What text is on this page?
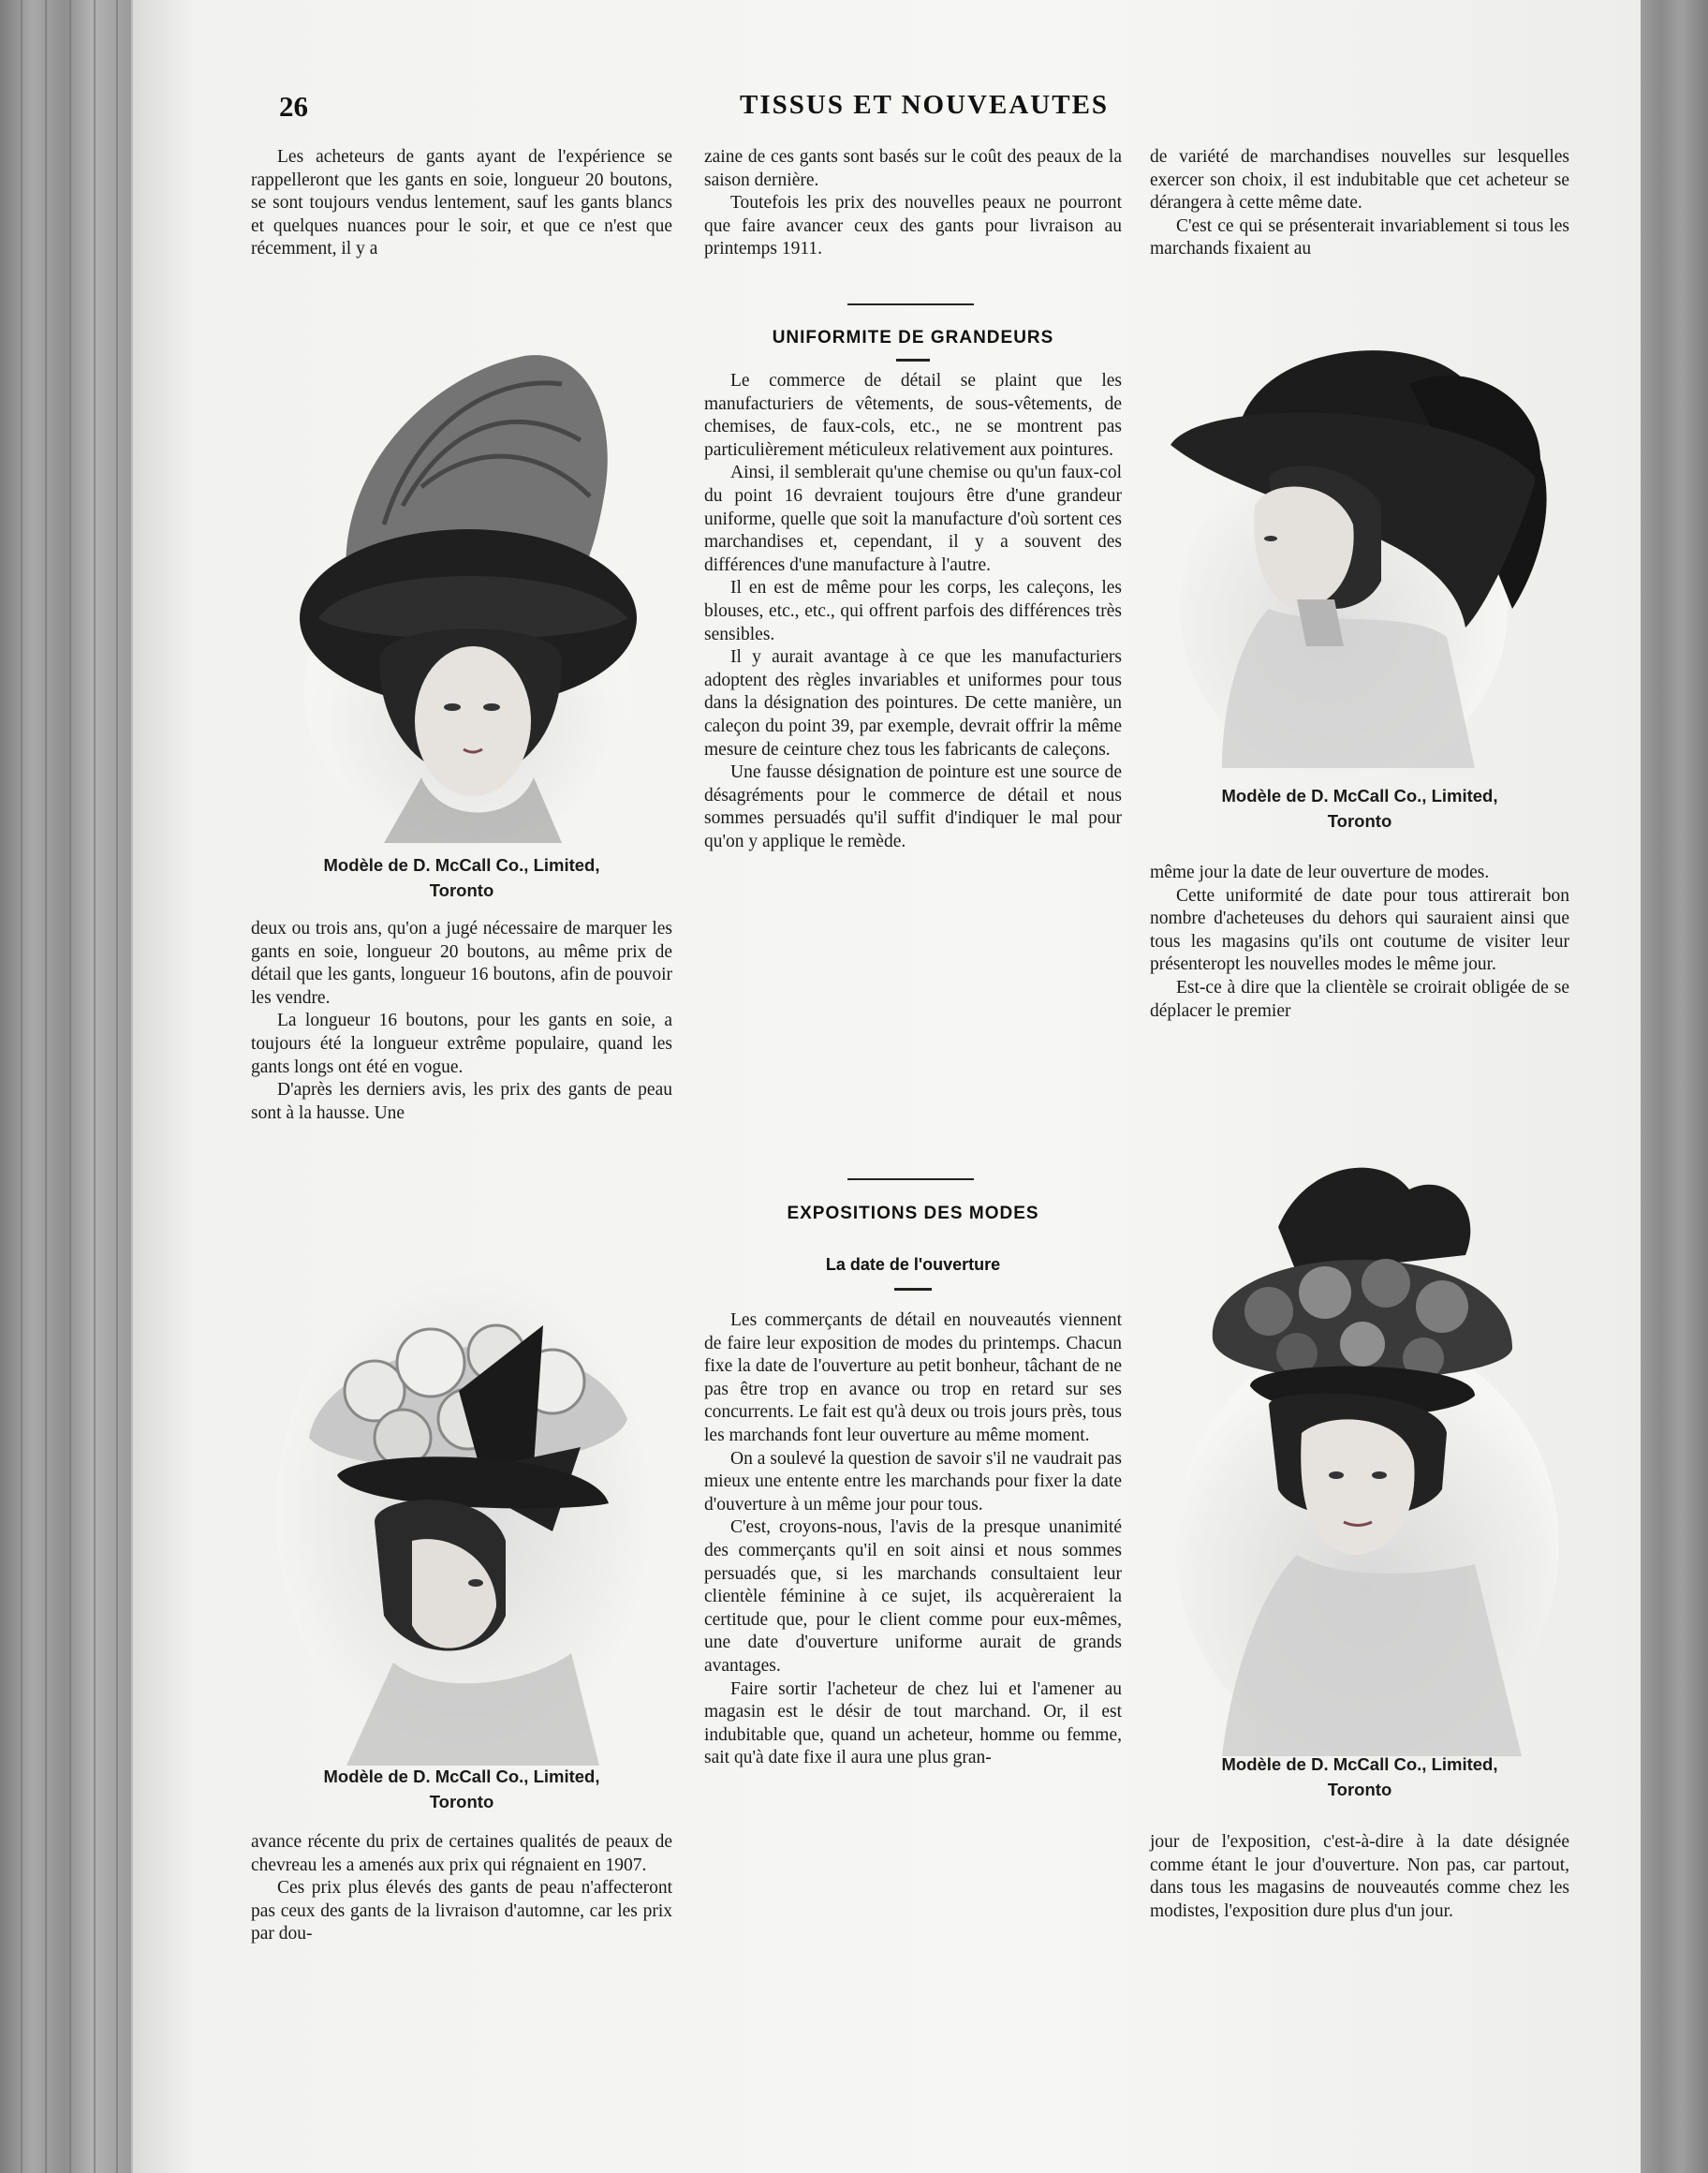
26	TISSUS ET NOUVEAUTES

Les acheteurs de gants ayant de l'expérience se rappelleront que les gants en soie, longueur 20 boutons, se sont toujours vendus lentement, sauf les gants blancs et quelques nuances pour le soir, et que ce n'est que récemment, il y a

Modèle de D. McCall Co., Limited,
Toronto

deux ou trois ans, qu'on a jugé nécessaire de marquer les gants en soie, longueur 20 boutons, au même prix de détail que les gants, longueur 16 boutons, afin de pouvoir les vendre.

La longueur 16 boutons, pour les gants en soie, a toujours été la longueur extrême populaire, quand les gants longs ont été en vogue.

D'après les derniers avis, les prix des gants de peau sont à la hausse. Une

Modèle de D. McCall Co., Limited,
Toronto

avance récente du prix de certaines qualités de peaux de chevreau les a amenés aux prix qui régnaient en 1907.

Ces prix plus élevés des gants de peau n'affecteront pas ceux des gants de la livraison d'automne, car les prix par dou-

zaine de ces gants sont basés sur le coût des peaux de la saison dernière.

Toutefois les prix des nouvelles peaux ne pourront que faire avancer ceux des gants pour livraison au printemps 1911.

UNIFORMITE DE GRANDEURS

Le commerce de détail se plaint que les manufacturiers de vêtements, de sous-vêtements, de chemises, de faux-cols, etc., ne se montrent pas particulièrement méticuleux relativement aux pointures.

Ainsi, il semblerait qu'une chemise ou qu'un faux-col du point 16 devraient toujours être d'une grandeur uniforme, quelle que soit la manufacture d'où sortent ces marchandises et, cependant, il y a souvent des différences d'une manufacture à l'autre.

Il en est de même pour les corps, les caleçons, les blouses, etc., etc., qui offrent parfois des différences très sensibles.

Il y aurait avantage à ce que les manufacturiers adoptent des règles invariables et uniformes pour tous dans la désignation des pointures. De cette manière, un caleçon du point 39, par exemple, devrait offrir la même mesure de ceinture chez tous les fabricants de caleçons.

Une fausse désignation de pointure est une source de désagréments pour le commerce de détail et nous sommes persuadés qu'il suffit d'indiquer le mal pour qu'on y applique le remède.

EXPOSITIONS DES MODES
La date de l'ouverture

Les commerçants de détail en nouveautés viennent de faire leur exposition de modes du printemps. Chacun fixe la date de l'ouverture au petit bonheur, tâchant de ne pas être trop en avance ou trop en retard sur ses concurrents. Le fait est qu'à deux ou trois jours près, tous les marchands font leur ouverture au même moment.

On a soulevé la question de savoir s'il ne vaudrait pas mieux une entente entre les marchands pour fixer la date d'ouverture à un même jour pour tous.

C'est, croyons-nous, l'avis de la presque unanimité des commerçants qu'il en soit ainsi et nous sommes persuadés que, si les marchands consultaient leur clientèle féminine à ce sujet, ils acquèreraient la certitude que, pour le client comme pour eux-mêmes, une date d'ouverture uniforme aurait de grands avantages.

Faire sortir l'acheteur de chez lui et l'amener au magasin est le désir de tout marchand. Or, il est indubitable que, quand un acheteur, homme ou femme, sait qu'à date fixe il aura une plus gran-

de variété de marchandises nouvelles sur lesquelles exercer son choix, il est indubitable que cet acheteur se dérangera à cette même date.

C'est ce qui se présenterait invariablement si tous les marchands fixaient au

Modèle de D. McCall Co., Limited,
Toronto

même jour la date de leur ouverture de modes.

Cette uniformité de date pour tous attirerait bon nombre d'acheteuses du dehors qui sauraient ainsi que tous les magasins qu'ils ont coutume de visiter leur présenteropt les nouvelles modes le même jour.

Est-ce à dire que la clientèle se croirait obligée de se déplacer le premier

Modèle de D. McCall Co., Limited,
Toronto

jour de l'exposition, c'est-à-dire à la date désignée comme étant le jour d'ouverture. Non pas, car partout, dans tous les magasins de nouveautés comme chez les modistes, l'exposition dure plus d'un jour.
